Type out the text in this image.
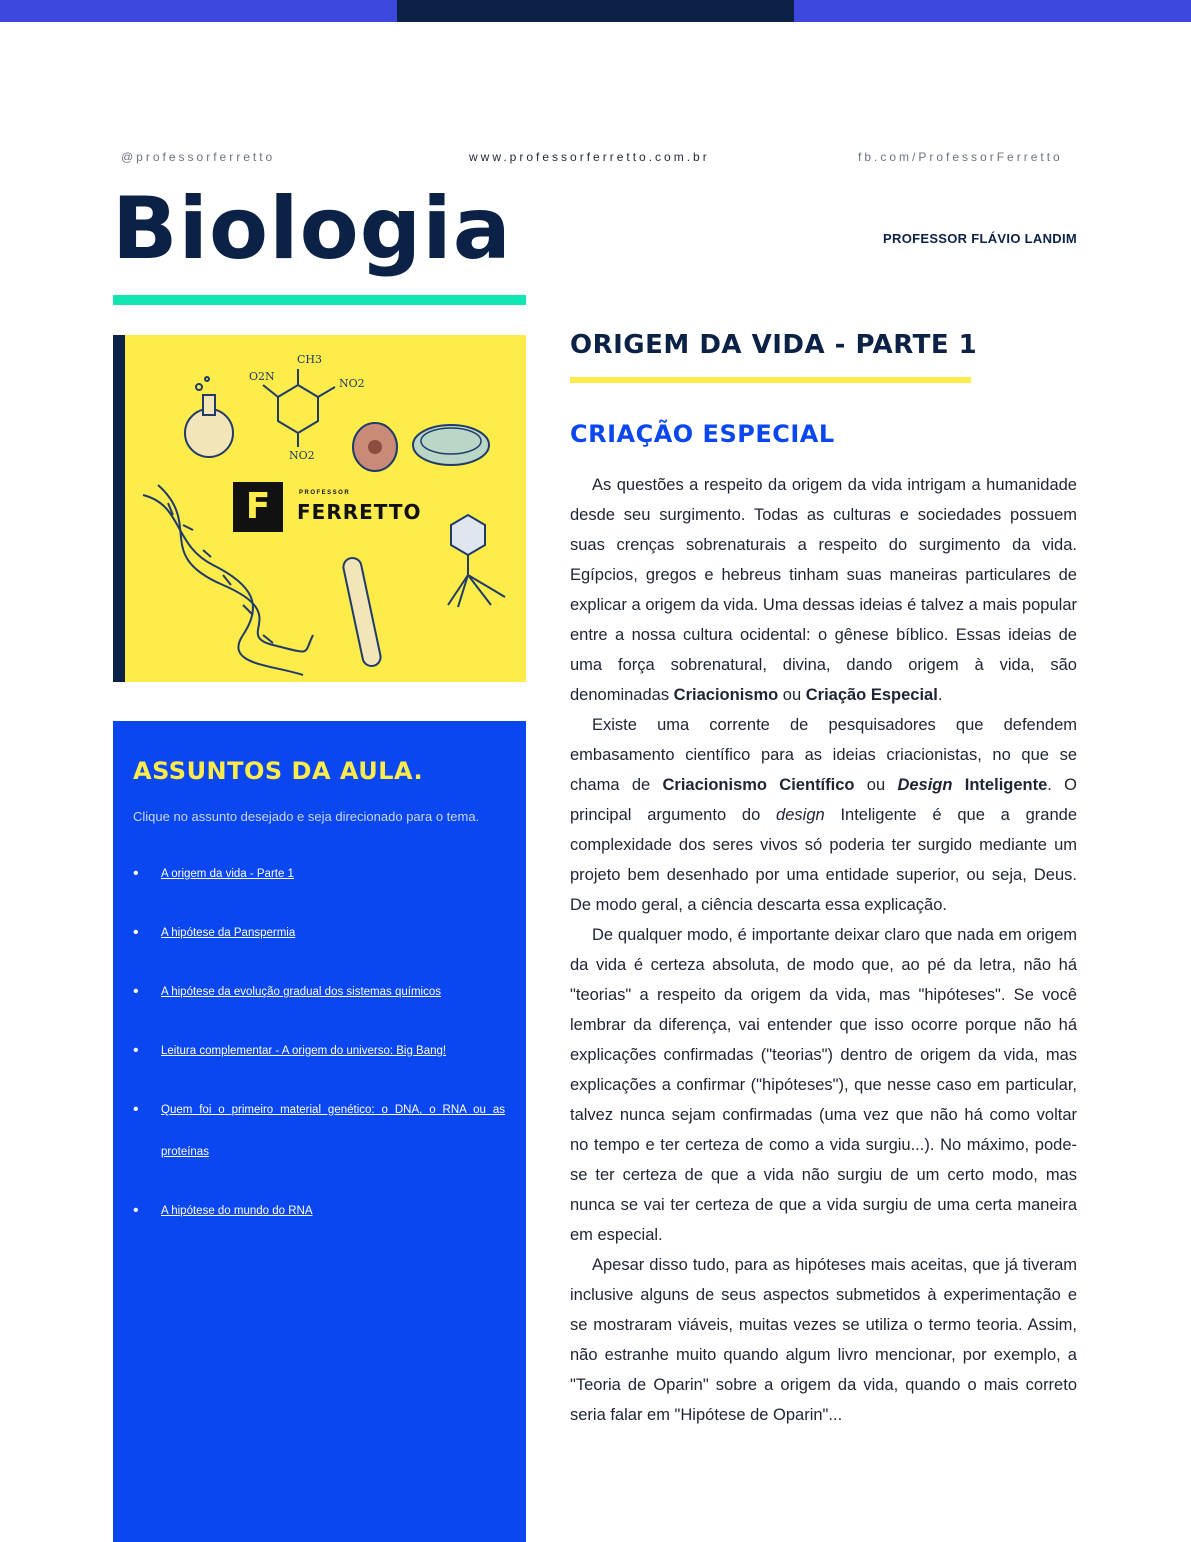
@professorferretto	www.professorferretto.com.br	fb.com/ProfessorFerretto
Biologia	PROFESSOR FLÁVIO LANDIM
CH3
O2N
NO2
NO2
F	PROFESSOR
FERRETTO
ASSUNTOS DA AULA.
Clique no assunto desejado e seja direcionado para o tema.
•	A origem da vida - Parte 1
•	A hipótese da Panspermia
•	A hipótese da evolução gradual dos sistemas químicos
•	Leitura complementar - A origem do universo: Big Bang!
•	Quem foi o primeiro material genético: o DNA, o RNA ou as proteínas
•	A hipótese do mundo do RNA
ORIGEM DA VIDA - PARTE 1
CRIAÇÃO ESPECIAL

As questões a respeito da origem da vida intrigam a humanidade desde seu surgimento. Todas as culturas e sociedades possuem suas crenças sobrenaturais a respeito do surgimento da vida. Egípcios, gregos e hebreus tinham suas maneiras particulares de explicar a origem da vida. Uma dessas ideias é talvez a mais popular entre a nossa cultura ocidental: o gênese bíblico. Essas ideias de uma força sobrenatural, divina, dando origem à vida, são denominadas Criacionismo ou Criação Especial.

Existe uma corrente de pesquisadores que defendem embasamento científico para as ideias criacionistas, no que se chama de Criacionismo Científico ou Design Inteligente. O principal argumento do design Inteligente é que a grande complexidade dos seres vivos só poderia ter surgido mediante um projeto bem desenhado por uma entidade superior, ou seja, Deus. De modo geral, a ciência descarta essa explicação.

De qualquer modo, é importante deixar claro que nada em origem da vida é certeza absoluta, de modo que, ao pé da letra, não há "teorias" a respeito da origem da vida, mas "hipóteses". Se você lembrar da diferença, vai entender que isso ocorre porque não há explicações confirmadas ("teorias") dentro de origem da vida, mas explicações a confirmar ("hipóteses"), que nesse caso em particular, talvez nunca sejam confirmadas (uma vez que não há como voltar no tempo e ter certeza de como a vida surgiu...). No máximo, pode-se ter certeza de que a vida não surgiu de um certo modo, mas nunca se vai ter certeza de que a vida surgiu de uma certa maneira em especial.

Apesar disso tudo, para as hipóteses mais aceitas, que já tiveram inclusive alguns de seus aspectos submetidos à experimentação e se mostraram viáveis, muitas vezes se utiliza o termo teoria. Assim, não estranhe muito quando algum livro mencionar, por exemplo, a "Teoria de Oparin" sobre a origem da vida, quando o mais correto seria falar em "Hipótese de Oparin"...
